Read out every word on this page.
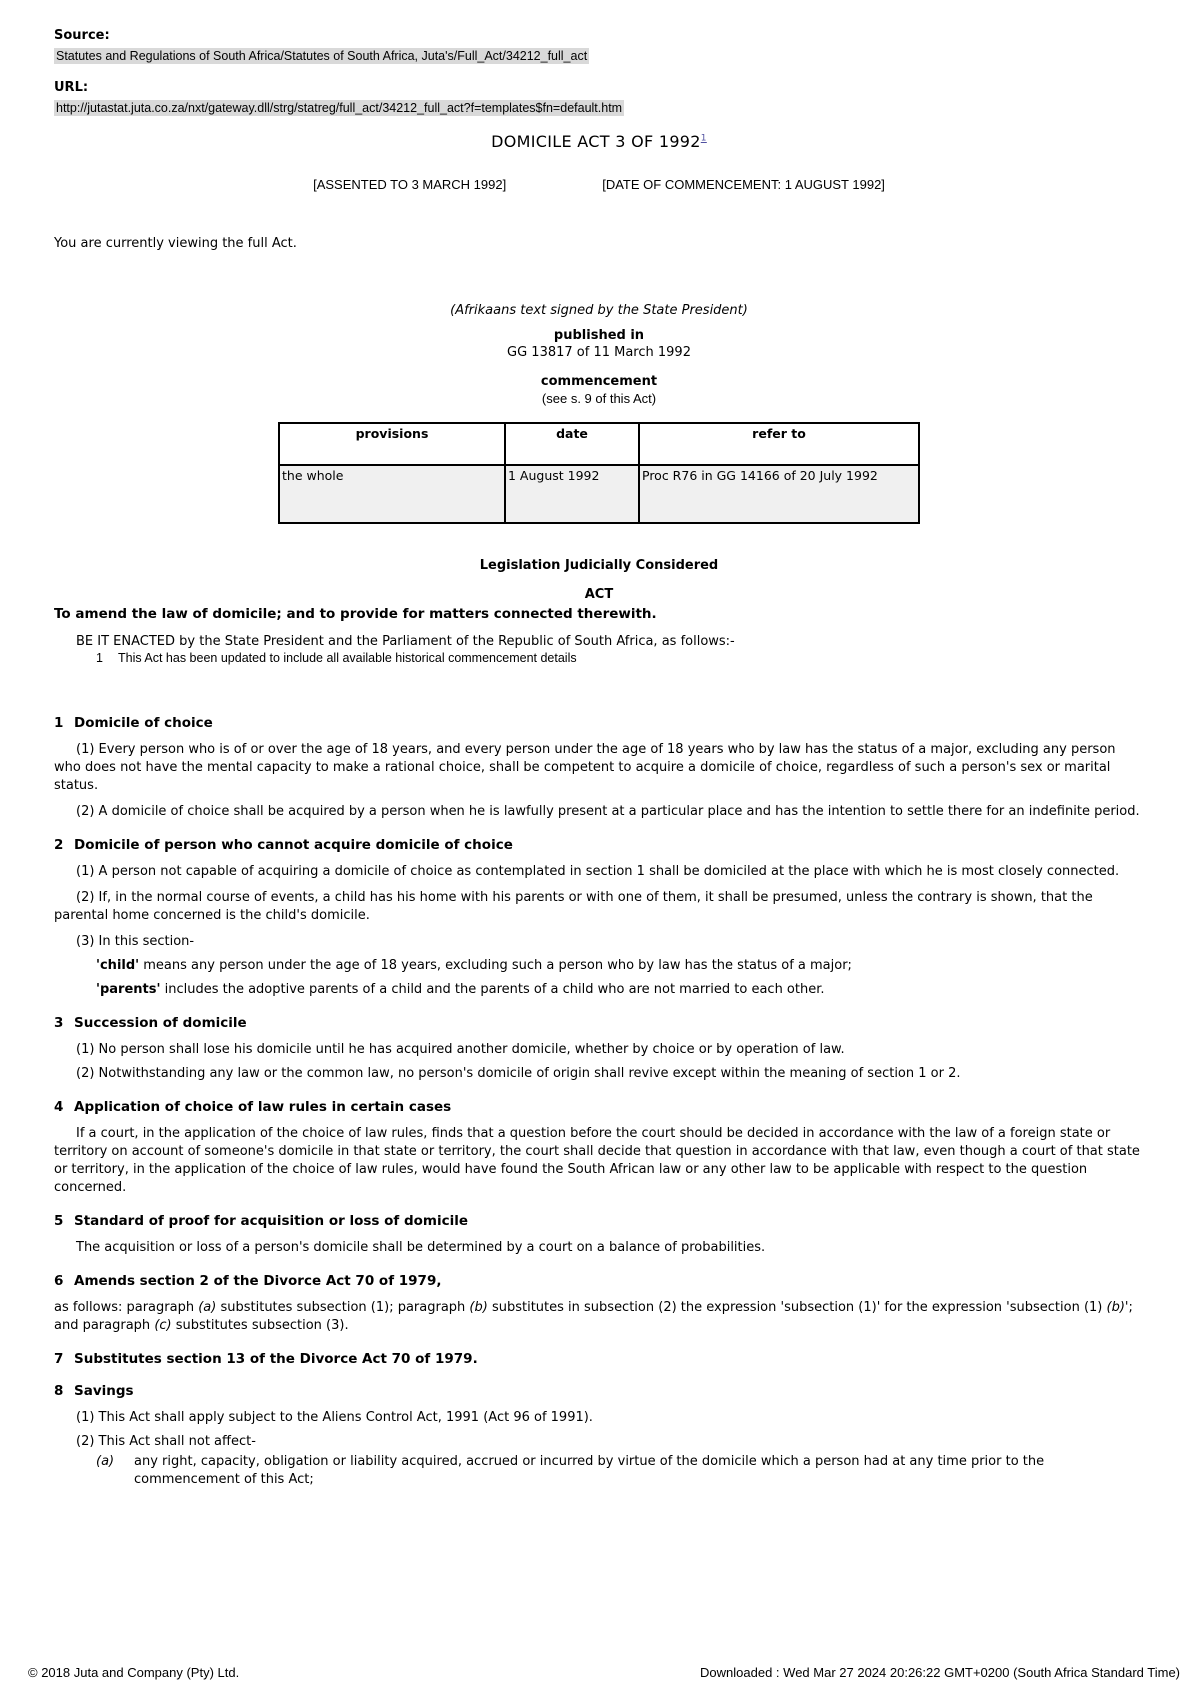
Source:
Statutes and Regulations of South Africa/Statutes of South Africa, Juta's/Full_Act/34212_full_act
URL:
http://jutastat.juta.co.za/nxt/gateway.dll/strg/statreg/full_act/34212_full_act?f=templates$fn=default.htm
DOMICILE ACT 3 OF 1992$^1$
[ASSENTED TO 3 MARCH 1992]	[DATE OF COMMENCEMENT: 1 AUGUST 1992]
You are currently viewing the full Act.
(Afrikaans text signed by the State President)
published in
GG 13817 of 11 March 1992
commencement
(see s. 9 of this Act)
provisions	date	refer to
the whole	1 August 1992	Proc R76 in GG 14166 of 20 July 1992
Legislation Judicially Considered
ACT
To amend the law of domicile; and to provide for matters connected therewith.
BE IT ENACTED by the State President and the Parliament of the Republic of South Africa, as follows:-
1 This Act has been updated to include all available historical commencement details
1 Domicile of choice

(1) Every person who is of or over the age of 18 years, and every person under the age of 18 years who by law has the status of a major, excluding any person who does not have the mental capacity to make a rational choice, shall be competent to acquire a domicile of choice, regardless of such a person's sex or marital status.

(2) A domicile of choice shall be acquired by a person when he is lawfully present at a particular place and has the intention to settle there for an indefinite period.

2 Domicile of person who cannot acquire domicile of choice

(1) A person not capable of acquiring a domicile of choice as contemplated in section 1 shall be domiciled at the place with which he is most closely connected.

(2) If, in the normal course of events, a child has his home with his parents or with one of them, it shall be presumed, unless the contrary is shown, that the parental home concerned is the child's domicile.

(3) In this section-

'child' means any person under the age of 18 years, excluding such a person who by law has the status of a major;

'parents' includes the adoptive parents of a child and the parents of a child who are not married to each other.

3 Succession of domicile

(1) No person shall lose his domicile until he has acquired another domicile, whether by choice or by operation of law.

(2) Notwithstanding any law or the common law, no person's domicile of origin shall revive except within the meaning of section 1 or 2.

4 Application of choice of law rules in certain cases

If a court, in the application of the choice of law rules, finds that a question before the court should be decided in accordance with the law of a foreign state or territory on account of someone's domicile in that state or territory, the court shall decide that question in accordance with that law, even though a court of that state or territory, in the application of the choice of law rules, would have found the South African law or any other law to be applicable with respect to the question concerned.

5 Standard of proof for acquisition or loss of domicile

The acquisition or loss of a person's domicile shall be determined by a court on a balance of probabilities.

6 Amends section 2 of the Divorce Act 70 of 1979,

as follows: paragraph (a) substitutes subsection (1); paragraph (b) substitutes in subsection (2) the expression 'subsection (1)' for the expression 'subsection (1) (b)'; and paragraph (c) substitutes subsection (3).

7 Substitutes section 13 of the Divorce Act 70 of 1979.
8 Savings

(1) This Act shall apply subject to the Aliens Control Act, 1991 (Act 96 of 1991).

(2) This Act shall not affect-

(a)	any right, capacity, obligation or liability acquired, accrued or incurred by virtue of the domicile which a person had at any time prior to the commencement of this Act;
© 2018 Juta and Company (Pty) Ltd.	Downloaded : Wed Mar 27 2024 20:26:22 GMT+0200 (South Africa Standard Time)
